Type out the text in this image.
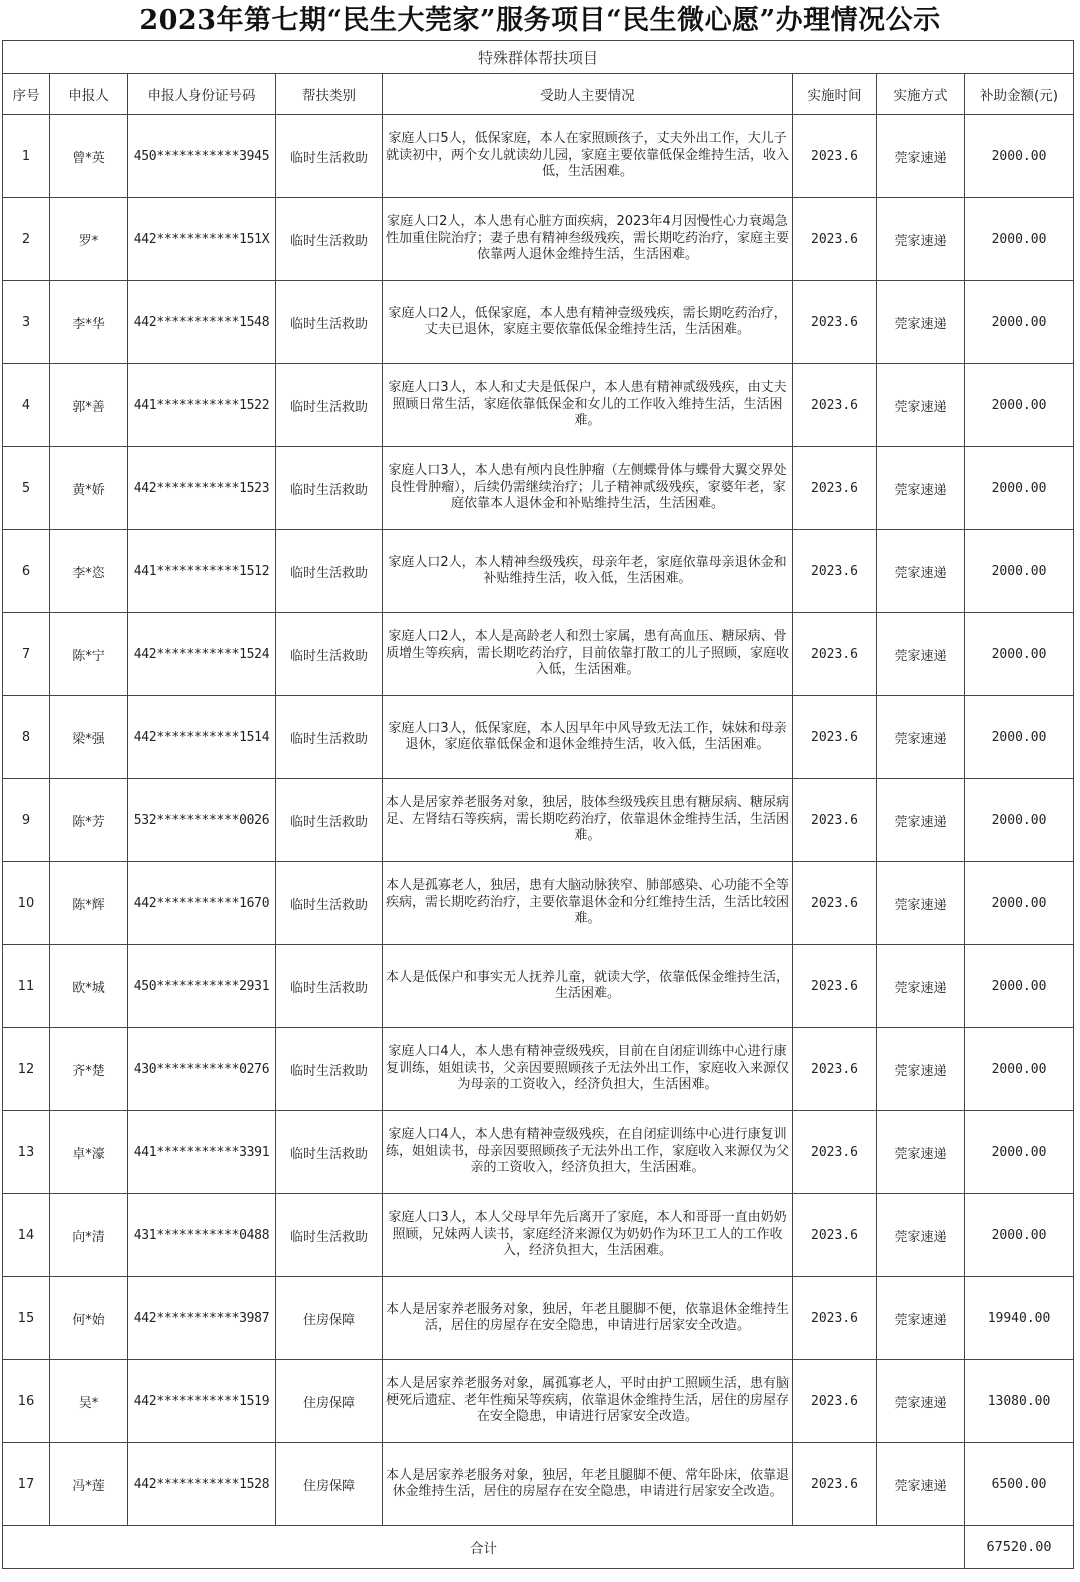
2023年第七期“民生大莞家”服务项目“民生微心愿”办理情况公示
特殊群体帮扶项目							
序号	申报人	申报人身份证号码	帮扶类别	受助人主要情况	实施时间	实施方式	补助金额(元)
1	曾*英	450***********3945	临时生活救助	家庭人口5人，低保家庭，本人在家照顾孩子，丈夫外出工作，大儿子就读初中，两个女儿就读幼儿园，家庭主要依靠低保金维持生活，收入低，生活困难。	2023.6	莞家速递	2000.00
2	罗*	442***********151X	临时生活救助	家庭人口2人，本人患有心脏方面疾病，2023年4月因慢性心力衰竭急性加重住院治疗；妻子患有精神叁级残疾，需长期吃药治疗，家庭主要依靠两人退休金维持生活，生活困难。	2023.6	莞家速递	2000.00
3	李*华	442***********1548	临时生活救助	家庭人口2人，低保家庭，本人患有精神壹级残疾，需长期吃药治疗，丈夫已退休，家庭主要依靠低保金维持生活，生活困难。	2023.6	莞家速递	2000.00
4	郭*善	441***********1522	临时生活救助	家庭人口3人，本人和丈夫是低保户，本人患有精神贰级残疾，由丈夫照顾日常生活，家庭依靠低保金和女儿的工作收入维持生活，生活困难。	2023.6	莞家速递	2000.00
5	黄*娇	442***********1523	临时生活救助	家庭人口3人，本人患有颅内良性肿瘤（左侧蝶骨体与蝶骨大翼交界处良性骨肿瘤），后续仍需继续治疗；儿子精神贰级残疾，家婆年老，家庭依靠本人退休金和补贴维持生活，生活困难。	2023.6	莞家速递	2000.00
6	李*恣	441***********1512	临时生活救助	家庭人口2人，本人精神叁级残疾，母亲年老，家庭依靠母亲退休金和补贴维持生活，收入低，生活困难。	2023.6	莞家速递	2000.00
7	陈*宁	442***********1524	临时生活救助	家庭人口2人，本人是高龄老人和烈士家属，患有高血压、糖尿病、骨质增生等疾病，需长期吃药治疗，目前依靠打散工的儿子照顾，家庭收入低，生活困难。	2023.6	莞家速递	2000.00
8	梁*强	442***********1514	临时生活救助	家庭人口3人，低保家庭，本人因早年中风导致无法工作，妹妹和母亲退休，家庭依靠低保金和退休金维持生活，收入低，生活困难。	2023.6	莞家速递	2000.00
9	陈*芳	532***********0026	临时生活救助	本人是居家养老服务对象，独居，肢体叁级残疾且患有糖尿病、糖尿病足、左肾结石等疾病，需长期吃药治疗，依靠退休金维持生活，生活困难。	2023.6	莞家速递	2000.00
10	陈*辉	442***********1670	临时生活救助	本人是孤寡老人，独居，患有大脑动脉狭窄、肺部感染、心功能不全等疾病，需长期吃药治疗，主要依靠退休金和分红维持生活，生活比较困难。	2023.6	莞家速递	2000.00
11	欧*城	450***********2931	临时生活救助	本人是低保户和事实无人抚养儿童，就读大学，依靠低保金维持生活，生活困难。	2023.6	莞家速递	2000.00
12	齐*楚	430***********0276	临时生活救助	家庭人口4人，本人患有精神壹级残疾，目前在自闭症训练中心进行康复训练，姐姐读书，父亲因要照顾孩子无法外出工作，家庭收入来源仅为母亲的工资收入，经济负担大，生活困难。	2023.6	莞家速递	2000.00
13	卓*濠	441***********3391	临时生活救助	家庭人口4人，本人患有精神壹级残疾，在自闭症训练中心进行康复训练，姐姐读书，母亲因要照顾孩子无法外出工作，家庭收入来源仅为父亲的工资收入，经济负担大，生活困难。	2023.6	莞家速递	2000.00
14	向*清	431***********0488	临时生活救助	家庭人口3人，本人父母早年先后离开了家庭，本人和哥哥一直由奶奶照顾，兄妹两人读书，家庭经济来源仅为奶奶作为环卫工人的工作收入，经济负担大，生活困难。	2023.6	莞家速递	2000.00
15	何*始	442***********3987	住房保障	本人是居家养老服务对象，独居，年老且腿脚不便，依靠退休金维持生活，居住的房屋存在安全隐患，申请进行居家安全改造。	2023.6	莞家速递	19940.00
16	吴*	442***********1519	住房保障	本人是居家养老服务对象，属孤寡老人，平时由护工照顾生活，患有脑梗死后遗症、老年性痴呆等疾病，依靠退休金维持生活，居住的房屋存在安全隐患，申请进行居家安全改造。	2023.6	莞家速递	13080.00
17	冯*莲	442***********1528	住房保障	本人是居家养老服务对象，独居，年老且腿脚不便、常年卧床，依靠退休金维持生活，居住的房屋存在安全隐患，申请进行居家安全改造。	2023.6	莞家速递	6500.00
合计							67520.00
